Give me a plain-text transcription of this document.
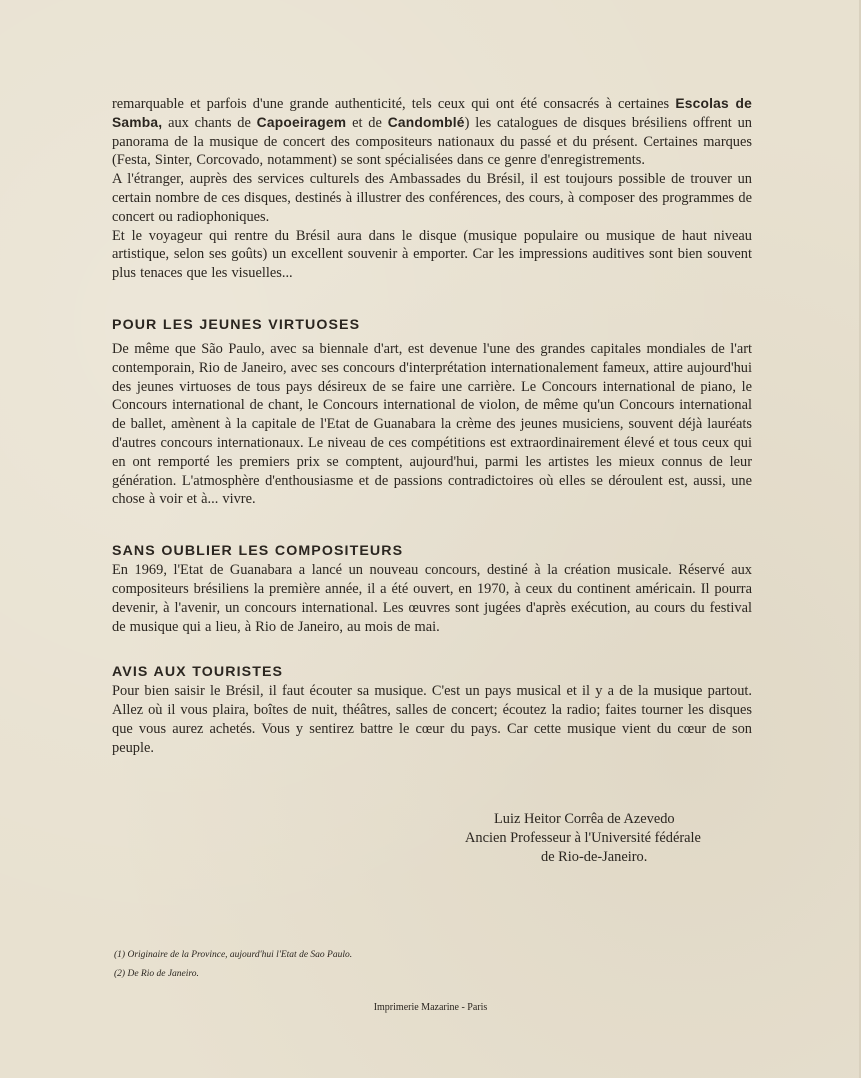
remarquable et parfois d'une grande authenticité, tels ceux qui ont été consacrés à certaines Escolas de Samba, aux chants de Capoeiragem et de Candomblé) les catalogues de disques brésiliens offrent un panorama de la musique de concert des compositeurs nationaux du passé et du présent. Certaines marques (Festa, Sinter, Corcovado, notamment) se sont spécialisées dans ce genre d'enregistrements.

A l'étranger, auprès des services culturels des Ambassades du Brésil, il est toujours possible de trouver un certain nombre de ces disques, destinés à illustrer des conférences, des cours, à composer des programmes de concert ou radiophoniques.

Et le voyageur qui rentre du Brésil aura dans le disque (musique populaire ou musique de haut niveau artistique, selon ses goûts) un excellent souvenir à emporter. Car les impressions auditives sont bien souvent plus tenaces que les visuelles...

POUR LES JEUNES VIRTUOSES

De même que São Paulo, avec sa biennale d'art, est devenue l'une des grandes capitales mondiales de l'art contemporain, Rio de Janeiro, avec ses concours d'interprétation internationalement fameux, attire aujourd'hui des jeunes virtuoses de tous pays désireux de se faire une carrière. Le Concours international de piano, le Concours international de chant, le Concours international de violon, de même qu'un Concours international de ballet, amènent à la capitale de l'Etat de Guanabara la crème des jeunes musiciens, souvent déjà lauréats d'autres concours internationaux. Le niveau de ces compétitions est extraordinairement élevé et tous ceux qui en ont remporté les premiers prix se comptent, aujourd'hui, parmi les artistes les mieux connus de leur génération. L'atmosphère d'enthousiasme et de passions contradictoires où elles se déroulent est, aussi, une chose à voir et à... vivre.

SANS OUBLIER LES COMPOSITEURS

En 1969, l'Etat de Guanabara a lancé un nouveau concours, destiné à la création musicale. Réservé aux compositeurs brésiliens la première année, il a été ouvert, en 1970, à ceux du continent américain. Il pourra devenir, à l'avenir, un concours international. Les œuvres sont jugées d'après exécution, au cours du festival de musique qui a lieu, à Rio de Janeiro, au mois de mai.

AVIS AUX TOURISTES

Pour bien saisir le Brésil, il faut écouter sa musique. C'est un pays musical et il y a de la musique partout. Allez où il vous plaira, boîtes de nuit, théâtres, salles de concert; écoutez la radio; faites tourner les disques que vous aurez achetés. Vous y sentirez battre le cœur du pays. Car cette musique vient du cœur de son peuple.

Luiz Heitor Corrêa de Azevedo
Ancien Professeur à l'Université fédérale
de Rio-de-Janeiro.
(1) Originaire de la Province, aujourd'hui l'Etat de Sao Paulo.
(2) De Rio de Janeiro.
Imprimerie Mazarine - Paris
